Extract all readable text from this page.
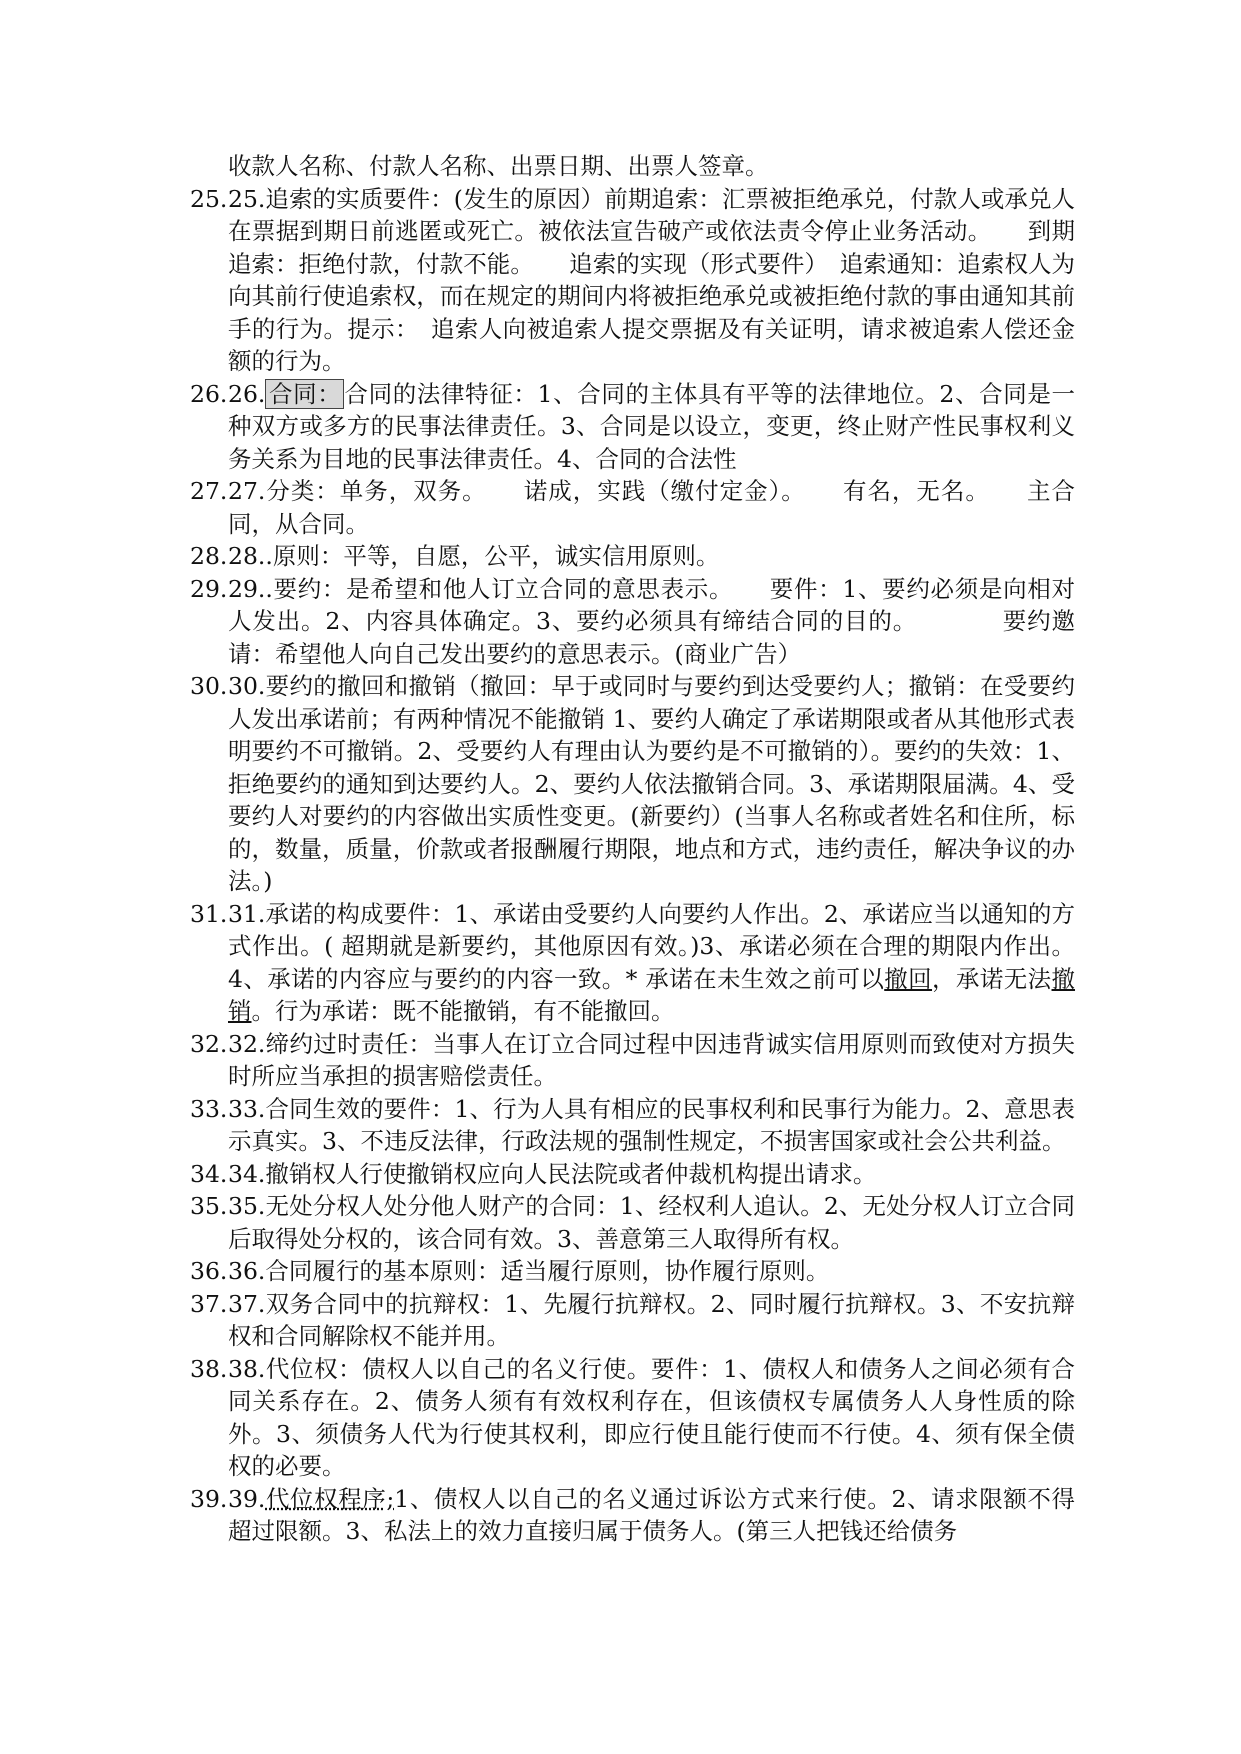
收款人名称、付款人名称、出票日期、出票人签章。
25. 25.追索的实质要件：(发生的原因）前期追索：汇票被拒绝承兑，付款人或承兑人在票据到期日前逃匿或死亡。被依法宣告破产或依法责令停止业务活动。　　到期追索：拒绝付款，付款不能。　　追索的实现（形式要件）　追索通知：追索权人为向其前行使追索权，而在规定的期间内将被拒绝承兑或被拒绝付款的事由通知其前手的行为。提示：　追索人向被追索人提交票据及有关证明，请求被追索人偿还金额的行为。
26. 26. 合同： 合同的法律特征：1、合同的主体具有平等的法律地位。2、合同是一种双方或多方的民事法律责任。3、合同是以设立，变更，终止财产性民事权利义务关系为目地的民事法律责任。4、合同的合法性
27. 27.分类：单务，双务。　　诺成，实践（缴付定金）。　　有名，无名。　　主合同，从合同。
28. 28..原则：平等，自愿，公平，诚实信用原则。
29. 29..要约：是希望和他人订立合同的意思表示。　　要件：1、要约必须是向相对人发出。2、内容具体确定。3、要约必须具有缔结合同的目的。　　　　要约邀请：希望他人向自己发出要约的意思表示。(商业广告）
30. 30.要约的撤回和撤销（撤回：早于或同时与要约到达受要约人；撤销：在受要约人发出承诺前；有两种情况不能撤销 1、要约人确定了承诺期限或者从其他形式表明要约不可撤销。2、受要约人有理由认为要约是不可撤销的）。要约的失效：1、拒绝要约的通知到达要约人。2、要约人依法撤销合同。3、承诺期限届满。4、受要约人对要约的内容做出实质性变更。(新要约）(当事人名称或者姓名和住所，标的，数量，质量，价款或者报酬履行期限，地点和方式，违约责任，解决争议的办法。)
31. 31.承诺的构成要件：1、承诺由受要约人向要约人作出。2、承诺应当以通知的方式作出。( 超期就是新要约，其他原因有效。)3、承诺必须在合理的期限内作出。4、承诺的内容应与要约的内容一致。* 承诺在未生效之前可以撤回，承诺无法撤销。行为承诺：既不能撤销，有不能撤回。
32. 32.缔约过时责任：当事人在订立合同过程中因违背诚实信用原则而致使对方损失时所应当承担的损害赔偿责任。
33. 33.合同生效的要件：1、行为人具有相应的民事权利和民事行为能力。2、意思表示真实。3、不违反法律，行政法规的强制性规定，不损害国家或社会公共利益。
34. 34.撤销权人行使撤销权应向人民法院或者仲裁机构提出请求。
35. 35.无处分权人处分他人财产的合同：1、经权利人追认。2、无处分权人订立合同后取得处分权的，该合同有效。3、善意第三人取得所有权。
36. 36.合同履行的基本原则：适当履行原则，协作履行原则。
37. 37.双务合同中的抗辩权：1、先履行抗辩权。2、同时履行抗辩权。3、不安抗辩权和合同解除权不能并用。
38. 38.代位权：债权人以自己的名义行使。要件：1、债权人和债务人之间必须有合同关系存在。2、债务人须有有效权利存在，但该债权专属债务人人身性质的除外。3、须债务人代为行使其权利，即应行使且能行使而不行使。4、须有保全债权的必要。
39. 39.代位权程序;1、债权人以自己的名义通过诉讼方式来行使。2、请求限额不得超过限额。3、私法上的效力直接归属于债务人。(第三人把钱还给债务
